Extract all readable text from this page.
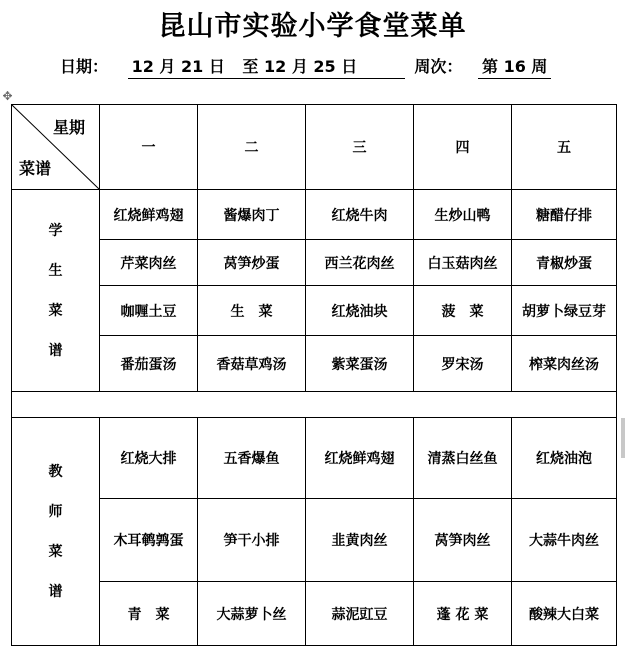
昆山市实验小学食堂菜单
日期： 12 月 21 日 至 12 月 25 日	周次： 第 16 周
✥
星期
菜谱	一	二	三	四	五

学
生
菜
谱	红烧鲜鸡翅	酱爆肉丁	红烧牛肉	生炒山鸭	糖醋仔排
	芹菜肉丝	莴笋炒蛋	西兰花肉丝	白玉菇肉丝	青椒炒蛋
	咖喱土豆	生　菜	红烧油块	菠　菜	胡萝卜绿豆芽
	番茄蛋汤	香菇草鸡汤	紫菜蛋汤	罗宋汤	榨菜肉丝汤

教
师
菜
谱	红烧大排	五香爆鱼	红烧鲜鸡翅	清蒸白丝鱼	红烧油泡
	木耳鹌鹑蛋	笋干小排	韭黄肉丝	莴笋肉丝	大蒜牛肉丝
	青　菜	大蒜萝卜丝	蒜泥豇豆	蓬 花 菜	酸辣大白菜
